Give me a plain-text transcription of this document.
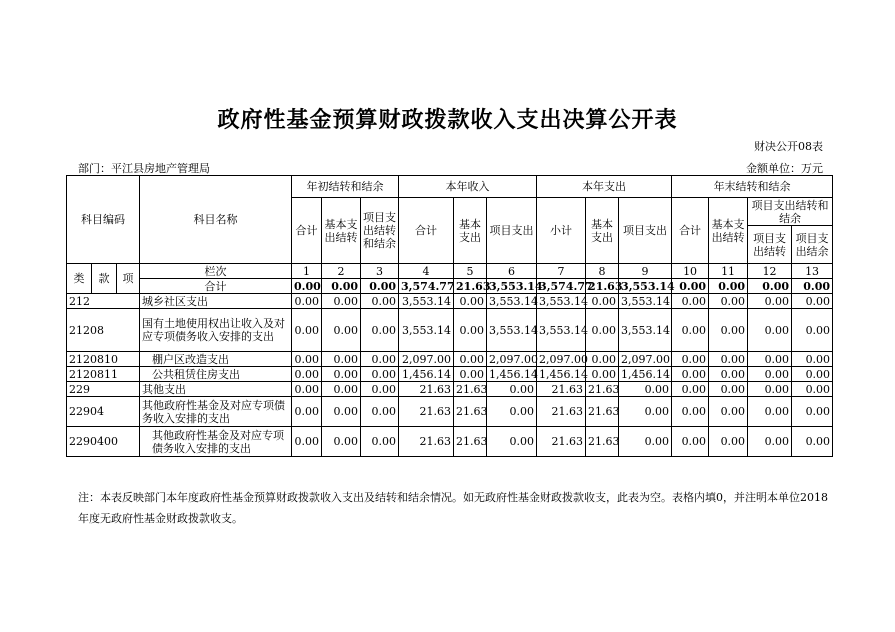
政府性基金预算财政拨款收入支出决算公开表
财决公开08表
部门：平江县房地产管理局	金额单位：万元
科目编码			科目名称	年初结转和结余			本年收入			本年支出			年末结转和结余			
				合计	基本支出结转	项目支出结转和结余	合计	基本支出	项目支出	小计	基本支出	项目支出	合计	基本支出结转	项目支出结转和结余	
															项目支出结转	项目支出结余
类	款	项	栏次	1	2	3	4	5	6	7	8	9	10	11	12	13
			合计	0.00	0.00	0.00	3,574.77	21.63	3,553.14	3,574.77	21.63	3,553.14	0.00	0.00	0.00	0.00
212			城乡社区支出	0.00	0.00	0.00	3,553.14	0.00	3,553.14	3,553.14	0.00	3,553.14	0.00	0.00	0.00	0.00
21208			国有土地使用权出让收入及对应专项债务收入安排的支出	0.00	0.00	0.00	3,553.14	0.00	3,553.14	3,553.14	0.00	3,553.14	0.00	0.00	0.00	0.00
2120810			棚户区改造支出	0.00	0.00	0.00	2,097.00	0.00	2,097.00	2,097.00	0.00	2,097.00	0.00	0.00	0.00	0.00
2120811			公共租赁住房支出	0.00	0.00	0.00	1,456.14	0.00	1,456.14	1,456.14	0.00	1,456.14	0.00	0.00	0.00	0.00
229			其他支出	0.00	0.00	0.00	21.63	21.63	0.00	21.63	21.63	0.00	0.00	0.00	0.00	0.00
22904			其他政府性基金及对应专项债务收入安排的支出	0.00	0.00	0.00	21.63	21.63	0.00	21.63	21.63	0.00	0.00	0.00	0.00	0.00
2290400			其他政府性基金及对应专项债务收入安排的支出	0.00	0.00	0.00	21.63	21.63	0.00	21.63	21.63	0.00	0.00	0.00	0.00	0.00
注：本表反映部门本年度政府性基金预算财政拨款收入支出及结转和结余情况。如无政府性基金财政拨款收支，此表为空。表格内填0，并注明本单位2018年度无政府性基金财政拨款收支。
